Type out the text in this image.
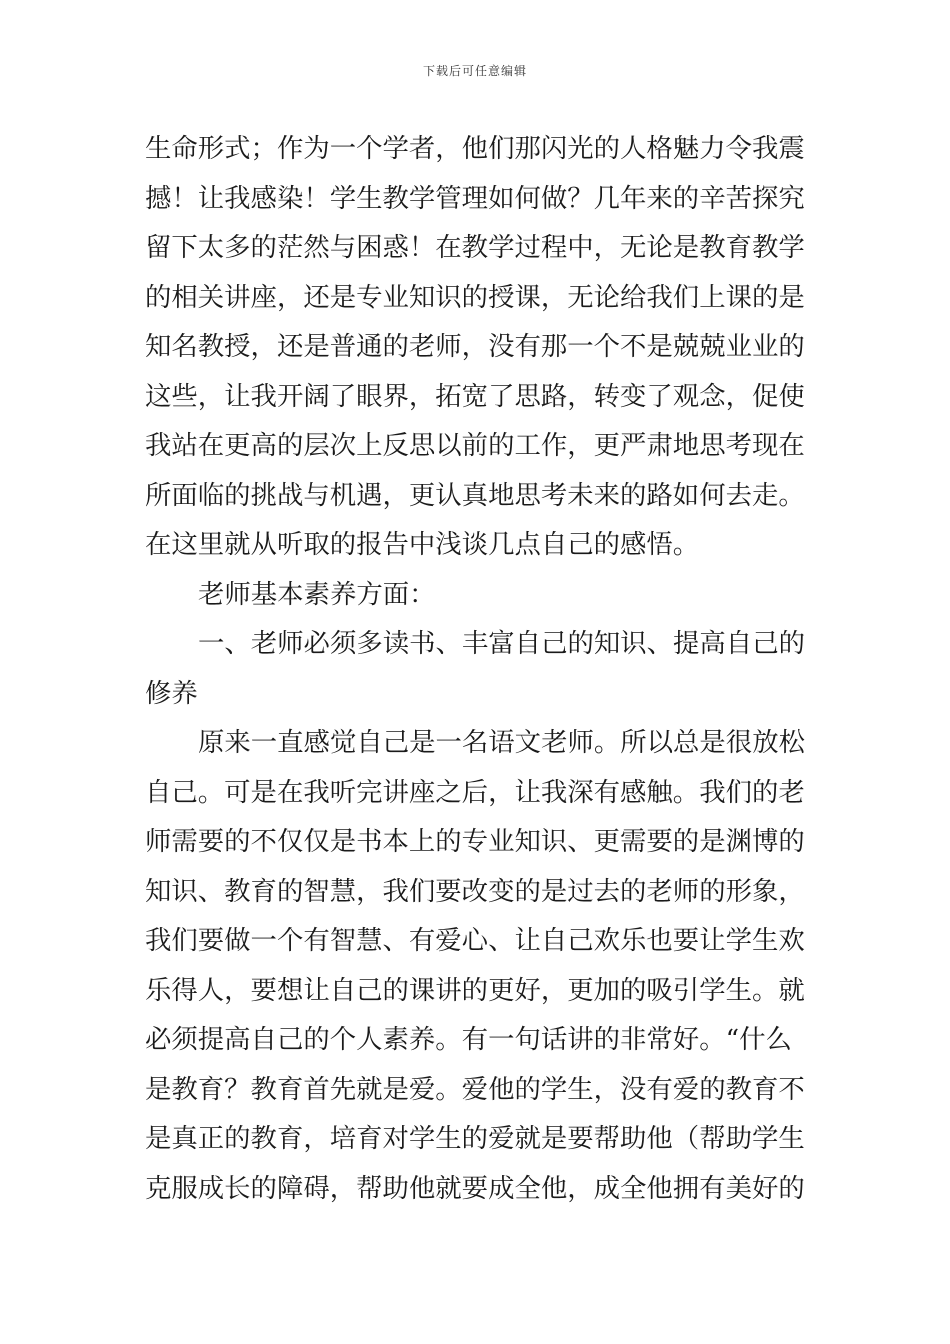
下载后可任意编辑
生命形式；作为一个学者，他们那闪光的人格魅力令我震
撼！让我感染！学生教学管理如何做？几年来的辛苦探究
留下太多的茫然与困惑！在教学过程中，无论是教育教学
的相关讲座，还是专业知识的授课，无论给我们上课的是
知名教授，还是普通的老师，没有那一个不是兢兢业业的
这些，让我开阔了眼界，拓宽了思路，转变了观念，促使
我站在更高的层次上反思以前的工作，更严肃地思考现在
所面临的挑战与机遇，更认真地思考未来的路如何去走。
在这里就从听取的报告中浅谈几点自己的感悟。
老师基本素养方面：
一、老师必须多读书、丰富自己的知识、提高自己的
修养
原来一直感觉自己是一名语文老师。所以总是很放松
自己。可是在我听完讲座之后，让我深有感触。我们的老
师需要的不仅仅是书本上的专业知识、更需要的是渊博的
知识、教育的智慧，我们要改变的是过去的老师的形象，
我们要做一个有智慧、有爱心、让自己欢乐也要让学生欢
乐得人，要想让自己的课讲的更好，更加的吸引学生。就
必须提高自己的个人素养。有一句话讲的非常好。“什么
是教育？教育首先就是爱。爱他的学生，没有爱的教育不
是真正的教育，培育对学生的爱就是要帮助他（帮助学生
克服成长的障碍，帮助他就要成全他，成全他拥有美好的
